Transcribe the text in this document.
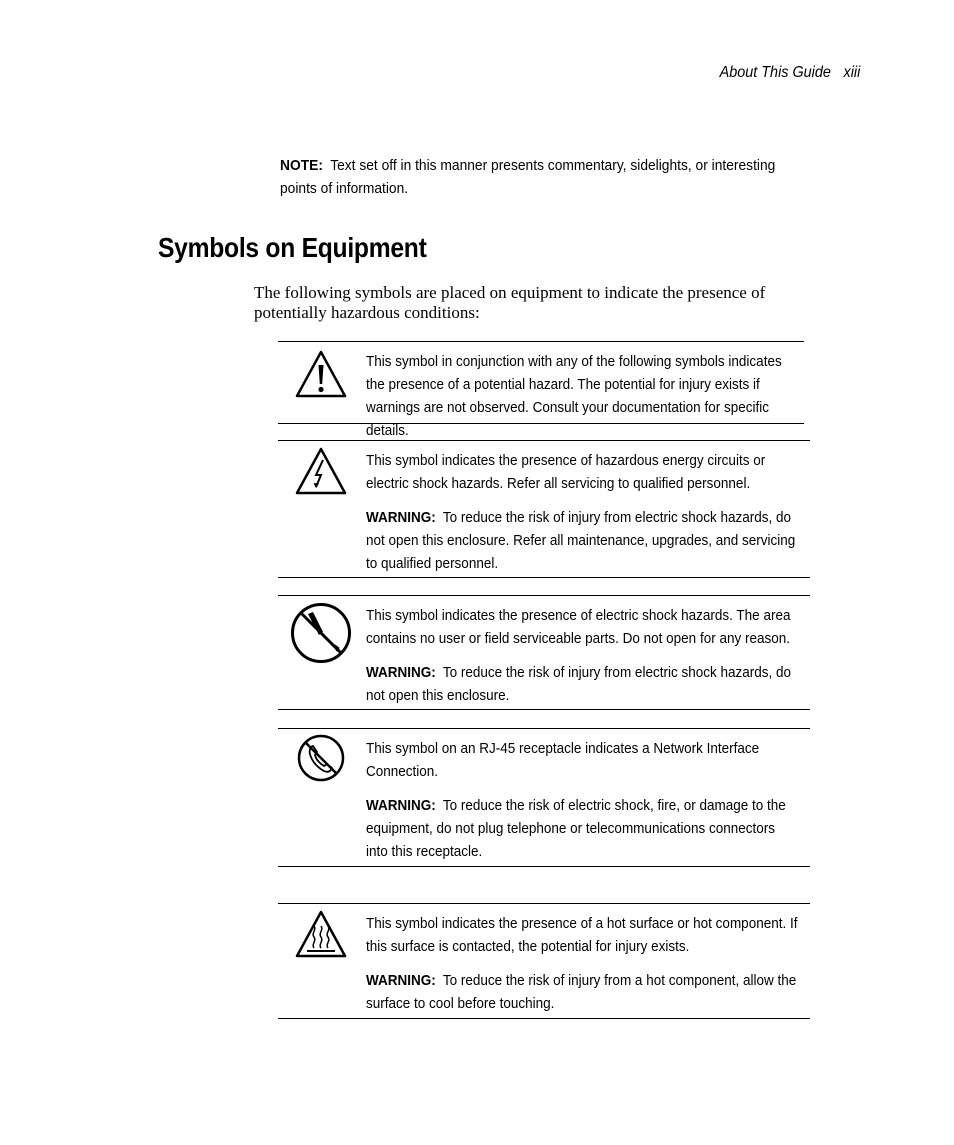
About This Guide xiii
NOTE: Text set off in this manner presents commentary, sidelights, or interesting points of information.
Symbols on Equipment
The following symbols are placed on equipment to indicate the presence of potentially hazardous conditions:

This symbol in conjunction with any of the following symbols indicates the presence of a potential hazard. The potential for injury exists if warnings are not observed. Consult your documentation for specific details.

This symbol indicates the presence of hazardous energy circuits or electric shock hazards. Refer all servicing to qualified personnel.

WARNING: To reduce the risk of injury from electric shock hazards, do not open this enclosure. Refer all maintenance, upgrades, and servicing to qualified personnel.

This symbol indicates the presence of electric shock hazards. The area contains no user or field serviceable parts. Do not open for any reason.

WARNING: To reduce the risk of injury from electric shock hazards, do not open this enclosure.

This symbol on an RJ-45 receptacle indicates a Network Interface Connection.

WARNING: To reduce the risk of electric shock, fire, or damage to the equipment, do not plug telephone or telecommunications connectors into this receptacle.

This symbol indicates the presence of a hot surface or hot component. If this surface is contacted, the potential for injury exists.

WARNING: To reduce the risk of injury from a hot component, allow the surface to cool before touching.
